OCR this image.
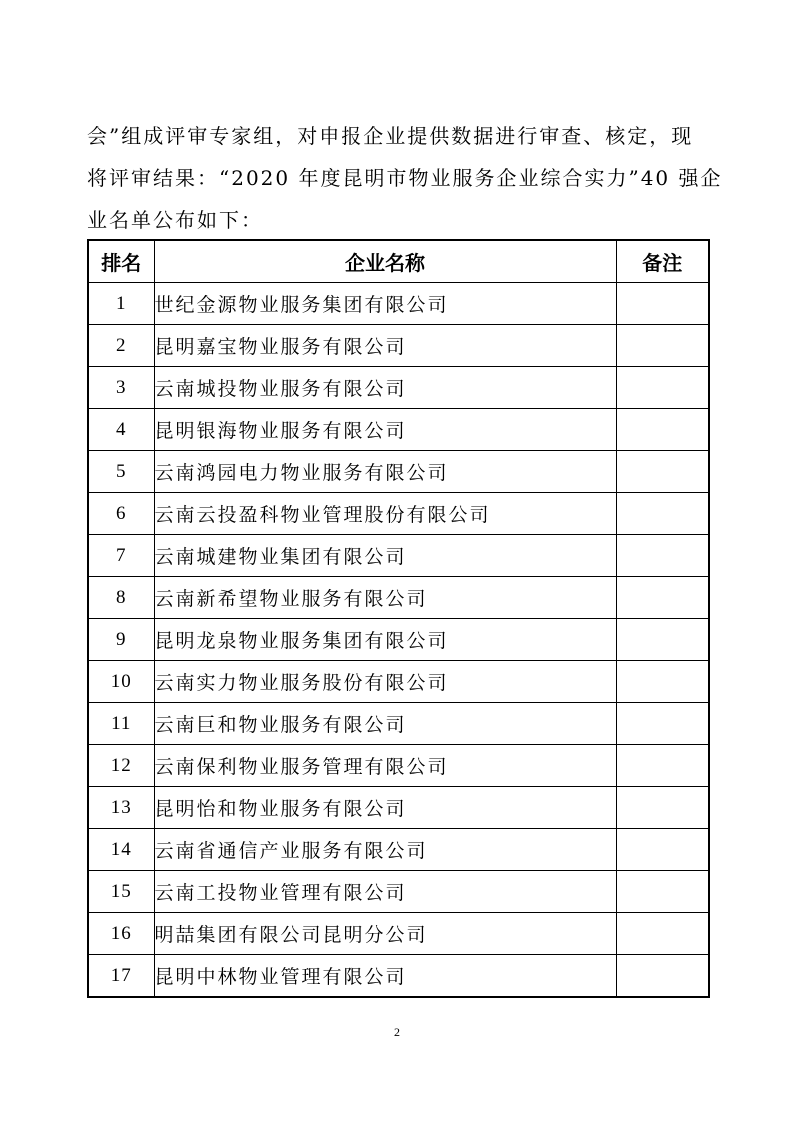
会”组成评审专家组，对申报企业提供数据进行审查、核定，现
将评审结果：“2020 年度昆明市物业服务企业综合实力”40 强企
业名单公布如下：

排名	企业名称	备注
1	世纪金源物业服务集团有限公司	
2	昆明嘉宝物业服务有限公司	
3	云南城投物业服务有限公司	
4	昆明银海物业服务有限公司	
5	云南鸿园电力物业服务有限公司	
6	云南云投盈科物业管理股份有限公司	
7	云南城建物业集团有限公司	
8	云南新希望物业服务有限公司	
9	昆明龙泉物业服务集团有限公司	
10	云南实力物业服务股份有限公司	
11	云南巨和物业服务有限公司	
12	云南保利物业服务管理有限公司	
13	昆明怡和物业服务有限公司	
14	云南省通信产业服务有限公司	
15	云南工投物业管理有限公司	
16	明喆集团有限公司昆明分公司	
17	昆明中林物业管理有限公司	
2
